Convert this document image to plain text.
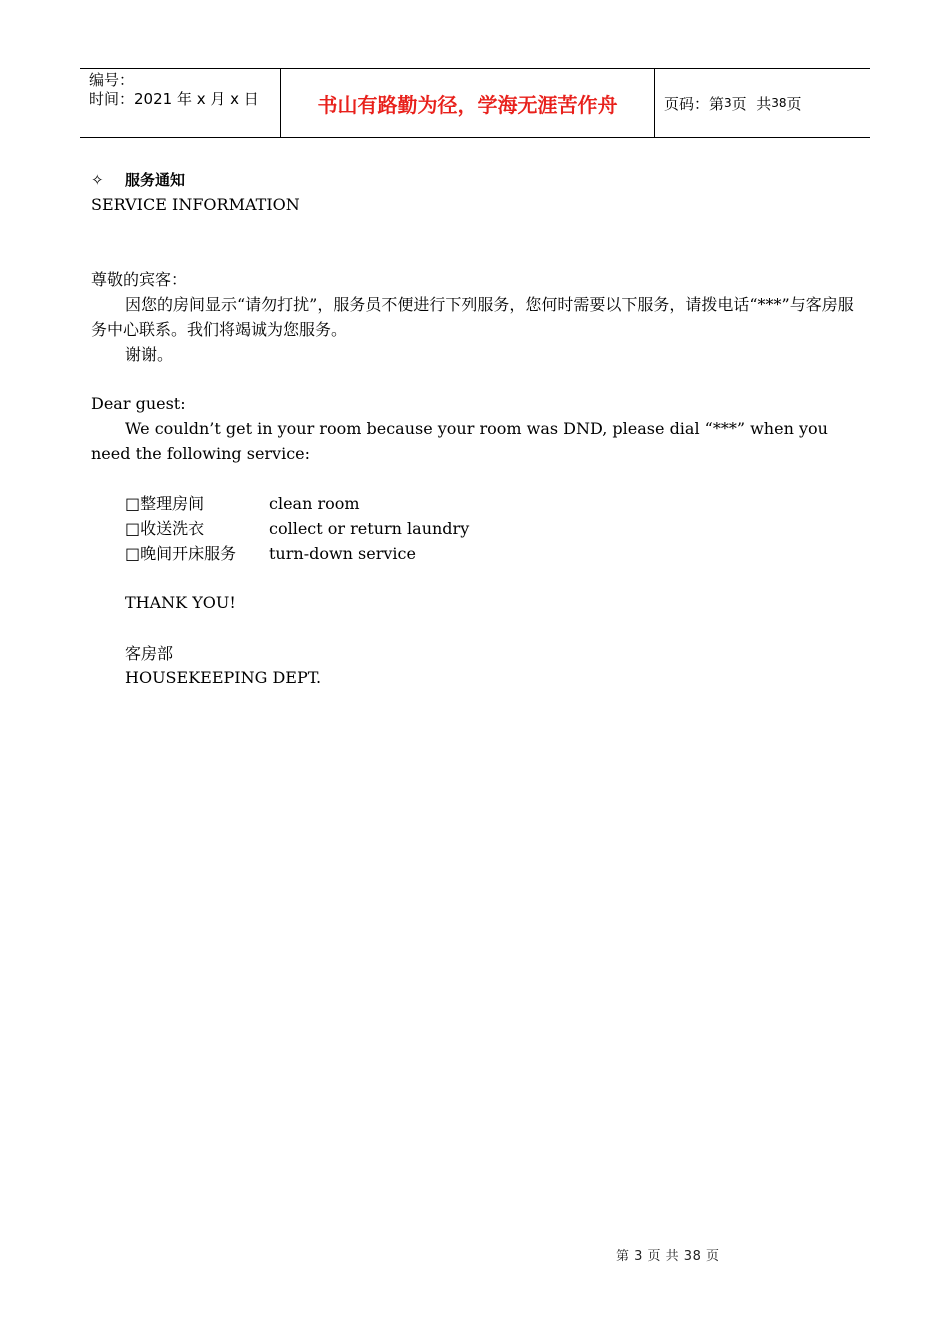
编号：
时间：2021 年 x 月 x 日	书山有路勤为径，学海无涯苦作舟	页码：第 3 页  共 38 页
✧ 服务通知
SERVICE INFORMATION
尊敬的宾客：
因您的房间显示“请勿打扰”，服务员不便进行下列服务，您何时需要以下服务，请拨电话“***”与客房服务中心联系。我们将竭诚为您服务。
谢谢。
Dear guest:
We couldn’t get in your room because your room was DND, please dial “***” when you need the following service:
□整理房间	clean room
□收送洗衣	collect or return laundry
□晚间开床服务 turn-down service
THANK YOU!
客房部
HOUSEKEEPING DEPT.
第 3 页 共 38 页
